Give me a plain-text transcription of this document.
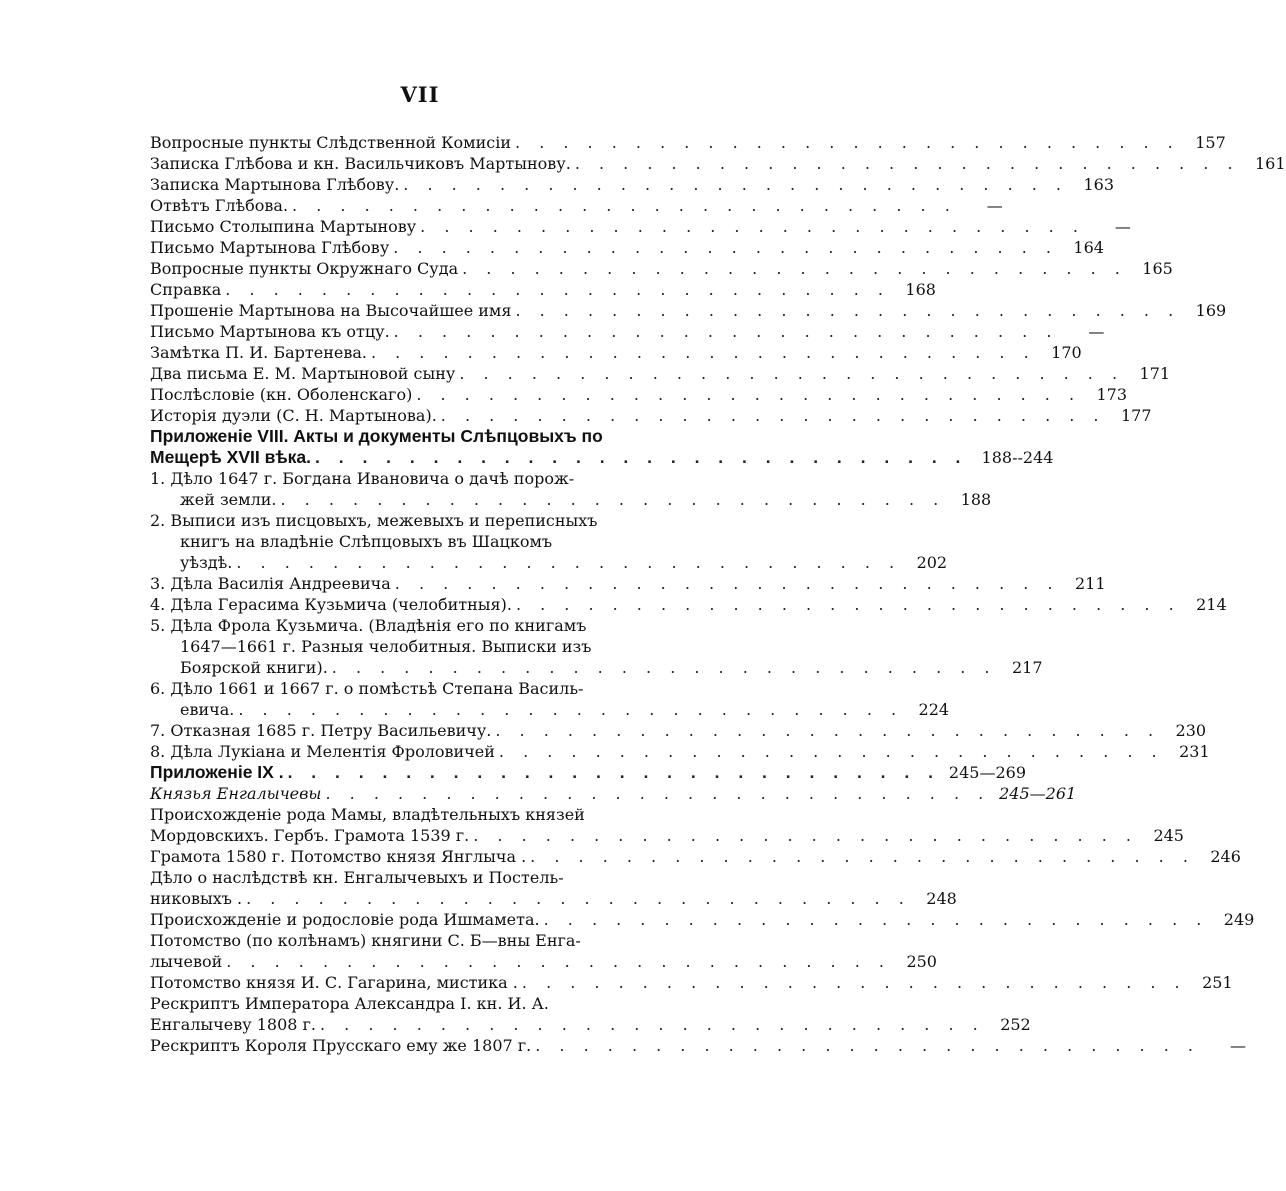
VII
Вопросные пункты Слѣдственной Комисіи . . . . . . . . . . . . . . . . . . . . . . . . . . . . 157
Записка Глѣбова и кн. Васильчиковъ Мартынову. . . . . . . . . . . . . . . . . . . . . . . . . . . . . 161
Записка Мартынова Глѣбову. . . . . . . . . . . . . . . . . . . . . . . . . . . . . 163
Отвѣтъ Глѣбова. . . . . . . . . . . . . . . . . . . . . . . . . . . . .	—
Письмо Столыпина Мартынову . . . . . . . . . . . . . . . . . . . . . . . . . . . .	—
Письмо Мартынова Глѣбову . . . . . . . . . . . . . . . . . . . . . . . . . . . . 164
Вопросные пункты Окружнаго Суда . . . . . . . . . . . . . . . . . . . . . . . . . . . . 165
Справка . . . . . . . . . . . . . . . . . . . . . . . . . . . . 168
Прошеніе Мартынова на Высочайшее имя . . . . . . . . . . . . . . . . . . . . . . . . . . . . 169
Письмо Мартынова къ отцу. . . . . . . . . . . . . . . . . . . . . . . . . . . . .	—
Замѣтка П. И. Бартенева. . . . . . . . . . . . . . . . . . . . . . . . . . . . . 170
Два письма Е. М. Мартыновой сыну . . . . . . . . . . . . . . . . . . . . . . . . . . . . 171
Послѣсловіе (кн. Оболенскаго) . . . . . . . . . . . . . . . . . . . . . . . . . . . . 173
Исторія дуэли (С. Н. Мартынова). . . . . . . . . . . . . . . . . . . . . . . . . . . . . 177
Приложеніе VIII. Акты и документы Слѣпцовыхъ по
Мещерѣ XVII вѣка. . . . . . . . . . . . . . . . . . . . . . . . . . . . . 188--244
1. Дѣло 1647 г. Богдана Ивановича о дачѣ порож-
жей земли. . . . . . . . . . . . . . . . . . . . . . . . . . . . . 188
2. Выписи изъ писцовыхъ, межевыхъ и переписныхъ
книгъ на владѣніе Слѣпцовыхъ въ Шацкомъ
уѣздѣ. . . . . . . . . . . . . . . . . . . . . . . . . . . . . 202
3. Дѣла Василія Андреевича . . . . . . . . . . . . . . . . . . . . . . . . . . . . 211
4. Дѣла Герасима Кузьмича (челобитныя). . . . . . . . . . . . . . . . . . . . . . . . . . . . . 214
5. Дѣла Фрола Кузьмича. (Владѣнія его по книгамъ
1647—1661 г. Разныя челобитныя. Выписки изъ
Боярской книги). . . . . . . . . . . . . . . . . . . . . . . . . . . . . 217
6. Дѣло 1661 и 1667 г. о помѣстьѣ Степана Василь-
евича. . . . . . . . . . . . . . . . . . . . . . . . . . . . . 224
7. Отказная 1685 г. Петру Васильевичу. . . . . . . . . . . . . . . . . . . . . . . . . . . . . 230
8. Дѣла Лукіана и Мелентія Фроловичей . . . . . . . . . . . . . . . . . . . . . . . . . . . . 231
Приложеніе IX . . . . . . . . . . . . . . . . . . . . . . . . . . . . . 245—269
Князья Енгалычевы . . . . . . . . . . . . . . . . . . . . . . . . . . . . 245—261
Происхожденіе рода Мамы, владѣтельныхъ князей
Мордовскихъ. Гербъ. Грамота 1539 г. . . . . . . . . . . . . . . . . . . . . . . . . . . . . 245
Грамота 1580 г. Потомство князя Янглыча . . . . . . . . . . . . . . . . . . . . . . . . . . . . . 246
Дѣло о наслѣдствѣ кн. Енгалычевыхъ и Постель-
никовыхъ . . . . . . . . . . . . . . . . . . . . . . . . . . . . . 248
Происхожденіе и родословіе рода Ишмамета. . . . . . . . . . . . . . . . . . . . . . . . . . . . . 249
Потомство (по колѣнамъ) княгини С. Б—вны Енга-
лычевой . . . . . . . . . . . . . . . . . . . . . . . . . . . . 250
Потомство князя И. С. Гагарина, мистика . . . . . . . . . . . . . . . . . . . . . . . . . . . . . 251
Рескриптъ Императора Александра I. кн. И. А.
Енгалычеву 1808 г. . . . . . . . . . . . . . . . . . . . . . . . . . . . . 252
Рескриптъ Короля Прусскаго ему же 1807 г. . . . . . . . . . . . . . . . . . . . . . . . . . . . .	—
